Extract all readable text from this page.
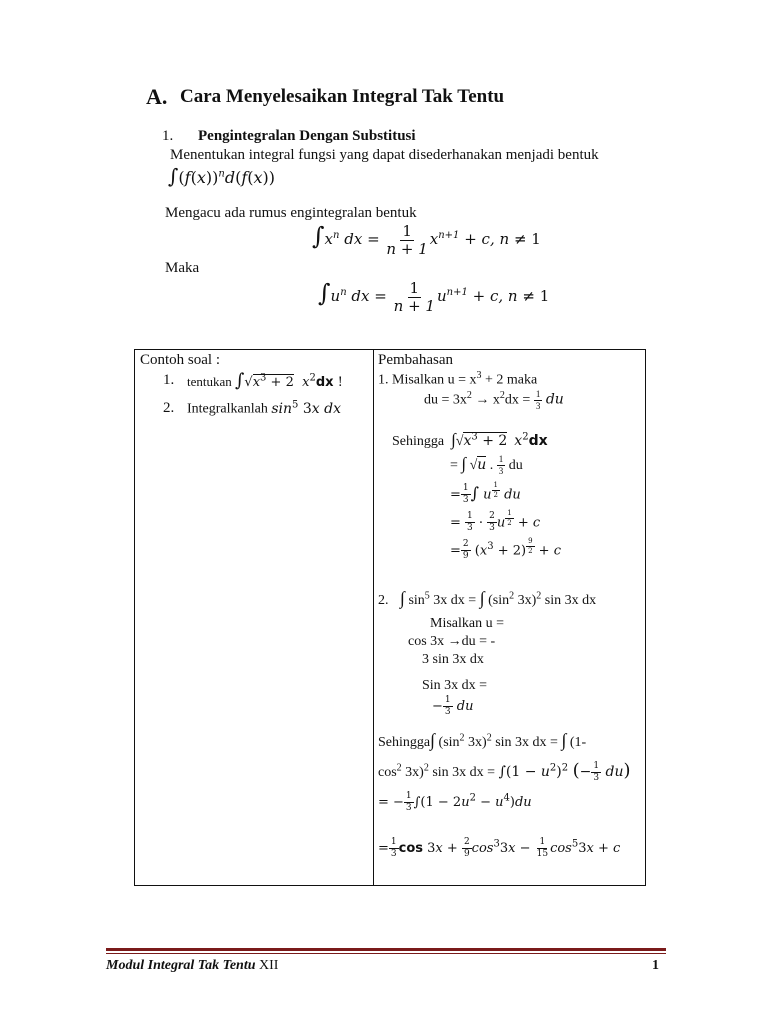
A. Cara Menyelesaikan Integral Tak Tentu
1. Pengintegralan Dengan Substitusi
Menentukan integral fungsi yang dapat disederhanakan menjadi bentuk
$\int(f(x))^nd(f(x))$
Mengacu ada rumus engintegralan bentuk
$\int x^n$ dx = $\frac{1}{n + 1} x^{n+1} + c$, n ≠ 1
Maka
$\int u^n$ dx = $\frac{1}{n + 1} u^{n+1} + c$, n ≠ 1
Contoh soal :
1. tentukan $\int√x^3 + 2$ $x^2dx$ !
2. Integralkanlah $\sin^5 3x$ dx

Pembahasan
1. Misalkan $u = x^3 + 2$ maka
du = $3x^2 \to x^2dx = \frac{1}{3}$ du
Sehingga $\int√x^3 + 2$ $x^2dx$
= ∫ √u . $\frac{1}{3}$ du
= $\frac{1}{3}$ ∫ u $^{\frac{1}{2}}$ du
= $\frac{1}{3} \cdot \frac{2}{3}$ u $^{\frac{1}{2}}$ + c
= $\frac{2}{9} (x^3 + 2) ^{\frac{9}{2}} + c$
2. ∫ $\sin^5 3x$ dx = ∫ ($\sin^2$ 3x)$^2$ sin 3x dx
Misalkan u =
cos 3x →du = -
3 sin 3x dx
Sin 3x dx =
− $\frac{1}{3}$ du
Sehingga∫ ($\sin^2$ 3x)$^2$ sin 3x dx = ∫ (1-
$\cos^2 3x)^2$ sin 3x dx = $\int(1 - u^2)^2$ (− $\frac{1}{3} du$)
= − $\frac{1}{3} \int(1 - 2u^2 - u^4)du$
= $\frac{1}{3}$ $\cos 3x + \frac{2}{9} \cos^33x - \frac{1}{15} \cos^53x + c$
Modul Integral Tak Tentu XII	1
